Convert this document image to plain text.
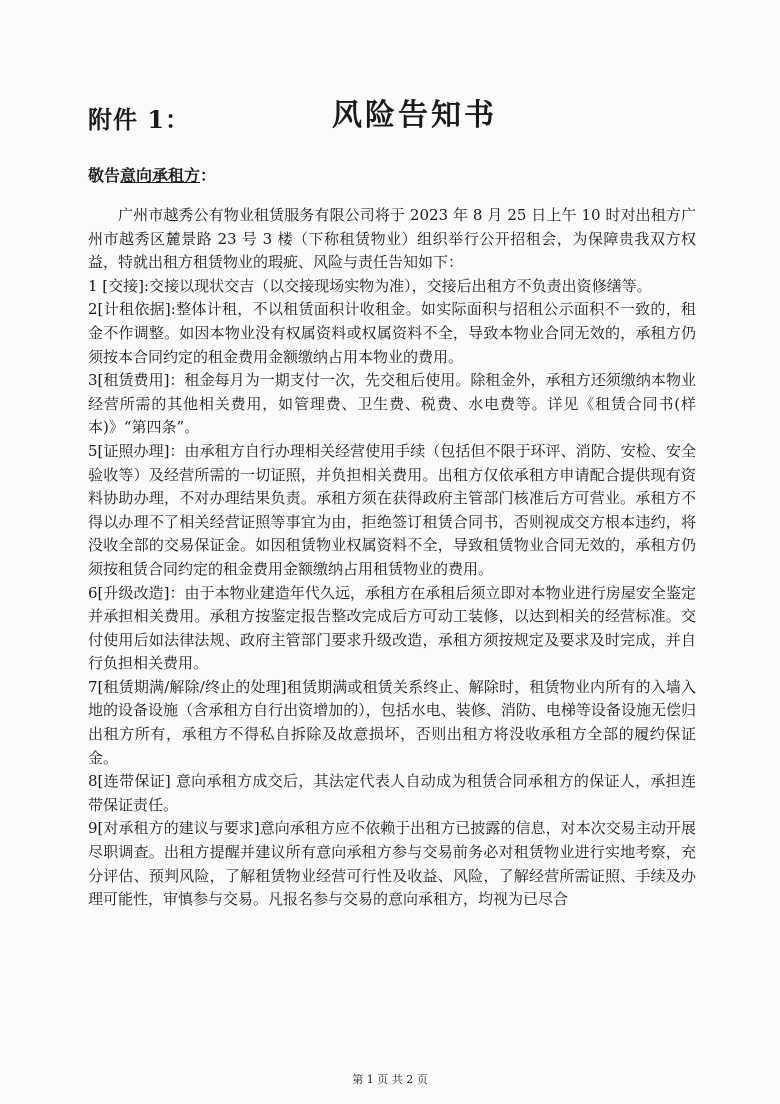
附件 1：	风险告知书
敬告意向承租方：

广州市越秀公有物业租赁服务有限公司将于 2023 年 8 月 25 日上午 10 时对出租方广州市越秀区麓景路 23 号 3 楼（下称租赁物业）组织举行公开招租会，为保障贵我双方权益，特就出租方租赁物业的瑕疵、风险与责任告知如下：

1 [交接]:交接以现状交吉（以交接现场实物为准），交接后出租方不负责出资修缮等。

2[计租依据]:整体计租，不以租赁面积计收租金。如实际面积与招租公示面积不一致的，租金不作调整。如因本物业没有权属资料或权属资料不全，导致本物业合同无效的，承租方仍须按本合同约定的租金费用金额缴纳占用本物业的费用。

3[租赁费用]：租金每月为一期支付一次，先交租后使用。除租金外，承租方还须缴纳本物业经营所需的其他相关费用，如管理费、卫生费、税费、水电费等。详见《租赁合同书(样本)》“第四条”。

5[证照办理]：由承租方自行办理相关经营使用手续（包括但不限于环评、消防、安检、安全验收等）及经营所需的一切证照，并负担相关费用。出租方仅依承租方申请配合提供现有资料协助办理，不对办理结果负责。承租方须在获得政府主管部门核准后方可营业。承租方不得以办理不了相关经营证照等事宜为由，拒绝签订租赁合同书，否则视成交方根本违约，将没收全部的交易保证金。如因租赁物业权属资料不全，导致租赁物业合同无效的，承租方仍须按租赁合同约定的租金费用金额缴纳占用租赁物业的费用。

6[升级改造]：由于本物业建造年代久远，承租方在承租后须立即对本物业进行房屋安全鉴定并承担相关费用。承租方按鉴定报告整改完成后方可动工装修，以达到相关的经营标准。交付使用后如法律法规、政府主管部门要求升级改造，承租方须按规定及要求及时完成，并自行负担相关费用。

7[租赁期满/解除/终止的处理]租赁期满或租赁关系终止、解除时，租赁物业内所有的入墙入地的设备设施（含承租方自行出资增加的），包括水电、装修、消防、电梯等设备设施无偿归出租方所有，承租方不得私自拆除及故意损坏，否则出租方将没收承租方全部的履约保证金。

8[连带保证] 意向承租方成交后，其法定代表人自动成为租赁合同承租方的保证人，承担连带保证责任。

9[对承租方的建议与要求]意向承租方应不依赖于出租方已披露的信息，对本次交易主动开展尽职调查。出租方提醒并建议所有意向承租方参与交易前务必对租赁物业进行实地考察，充分评估、预判风险，了解租赁物业经营可行性及收益、风险，了解经营所需证照、手续及办理可能性，审慎参与交易。凡报名参与交易的意向承租方，均视为已尽合

第 1 页 共 2 页
